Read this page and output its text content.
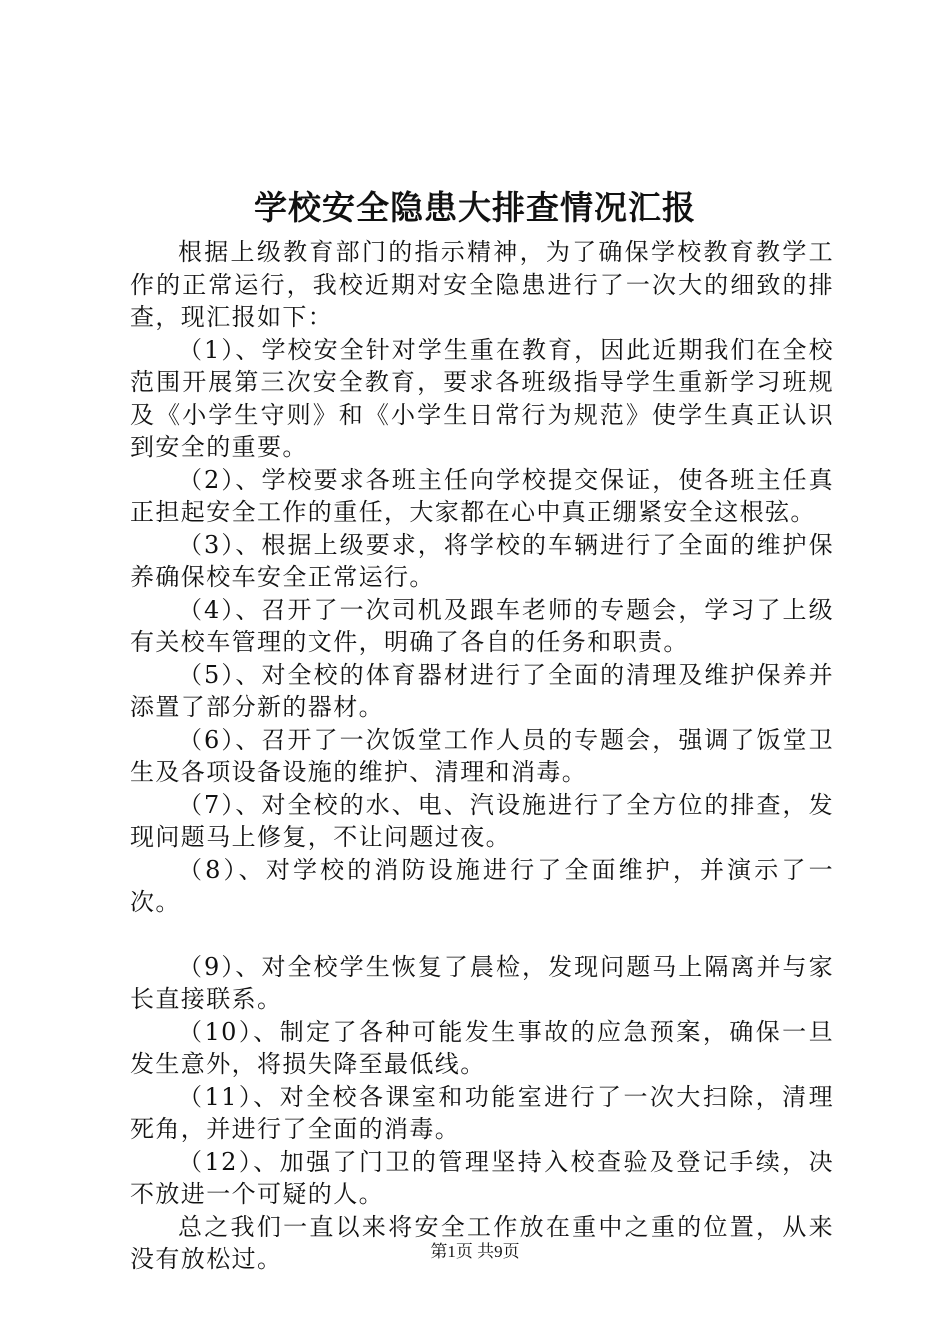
学校安全隐患大排查情况汇报

根据上级教育部门的指示精神，为了确保学校教育教学工作的正常运行，我校近期对安全隐患进行了一次大的细致的排查，现汇报如下：

（1）、学校安全针对学生重在教育，因此近期我们在全校范围开展第三次安全教育，要求各班级指导学生重新学习班规及《小学生守则》和《小学生日常行为规范》使学生真正认识到安全的重要。

（2）、学校要求各班主任向学校提交保证，使各班主任真正担起安全工作的重任，大家都在心中真正绷紧安全这根弦。

（3）、根据上级要求，将学校的车辆进行了全面的维护保养确保校车安全正常运行。

（4）、召开了一次司机及跟车老师的专题会，学习了上级有关校车管理的文件，明确了各自的任务和职责。

（5）、对全校的体育器材进行了全面的清理及维护保养并添置了部分新的器材。

（6）、召开了一次饭堂工作人员的专题会，强调了饭堂卫生及各项设备设施的维护、清理和消毒。

（7）、对全校的水、电、汽设施进行了全方位的排查，发现问题马上修复，不让问题过夜。

（8）、对学校的消防设施进行了全面维护，并演示了一次。

（9）、对全校学生恢复了晨检，发现问题马上隔离并与家长直接联系。

（10）、制定了各种可能发生事故的应急预案，确保一旦发生意外，将损失降至最低线。

（11）、对全校各课室和功能室进行了一次大扫除，清理死角，并进行了全面的消毒。

（12）、加强了门卫的管理坚持入校查验及登记手续，决不放进一个可疑的人。

总之我们一直以来将安全工作放在重中之重的位置，从来没有放松过。	第1页 共9页
